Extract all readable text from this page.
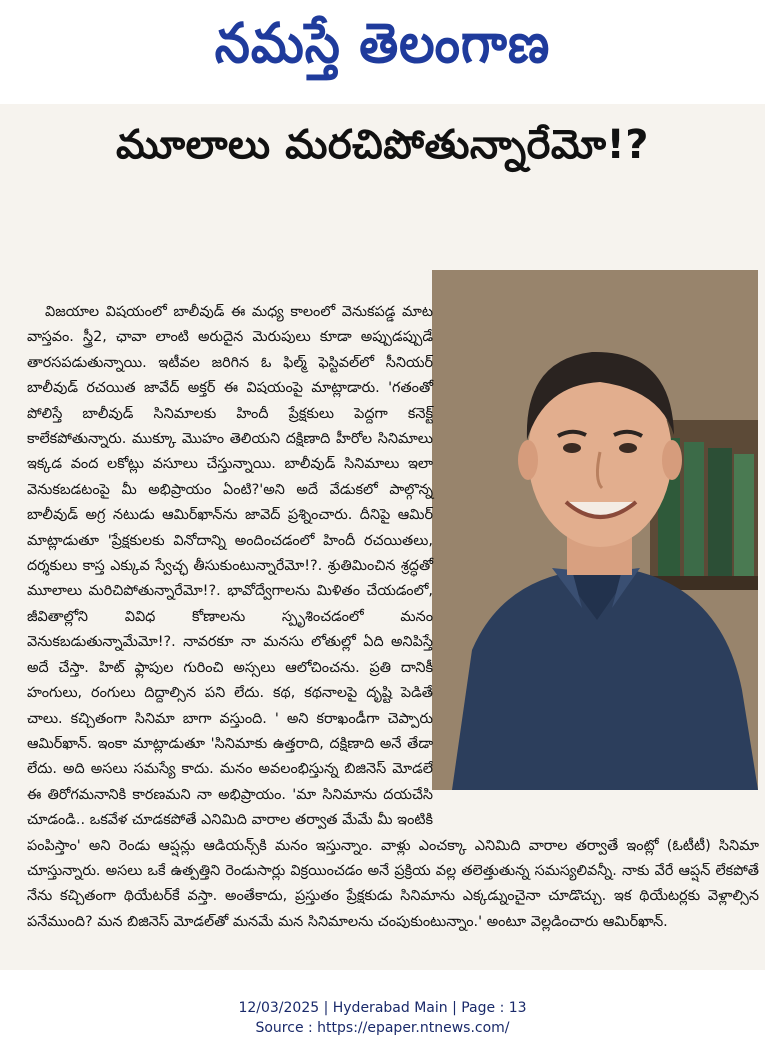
నమస్తే తెలంగాణ
మూలాలు మరచిపోతున్నారేమో!?

విజయాల విషయంలో బాలీవుడ్ ఈ మధ్య కాలంలో వెనుకపడ్డ మాట వాస్తవం. స్త్రీ2, ఛావా లాంటి అరుదైన మెరుపులు కూడా అప్పుడప్పుడే తారసపడుతున్నాయి. ఇటీవల జరిగిన ఓ ఫిల్మ్ ఫెస్టివల్‌లో సీనియర్ బాలీవుడ్ రచయిత జావేద్ అక్తర్ ఈ విషయంపై మాట్లాడారు. 'గతంతో పోలిస్తే బాలీవుడ్ సినిమాలకు హిందీ ప్రేక్షకులు పెద్దగా కనెక్ట్ కాలేకపోతున్నారు. ముక్కూ మొహం తెలియని దక్షిణాది హీరోల సినిమాలు ఇక్కడ వంద లకోట్లు వసూలు చేస్తున్నాయి. బాలీవుడ్ సినిమాలు ఇలా వెనుకబడటంపై మీ అభిప్రాయం ఏంటి?'అని అదే వేడుకలో పాల్గొన్న బాలీవుడ్ అగ్ర నటుడు ఆమిర్‌ఖాన్‌ను జావెద్ ప్రశ్నించారు. దీనిపై ఆమిర్ మాట్లాడుతూ 'ప్రేక్షకులకు వినోదాన్ని అందించడంలో హిందీ రచయితలు, దర్శకులు కాస్త ఎక్కువ స్వేచ్ఛ తీసుకుంటున్నారేమో!?. శ్రుతిమించిన శ్రద్ధతో మూలాలు మరిచిపోతున్నారేమో!?. భావోద్వేగాలను మిళితం చేయడంలో, జీవితాల్లోని వివిధ కోణాలను స్పృశించడంలో మనం వెనుకబడుతున్నామేమో!?. నావరకూ నా మనసు లోతుల్లో ఏది అనిపిస్తే అదే చేస్తా. హిట్ ఫ్లాపుల గురించి అస్సలు ఆలోచించను. ప్రతి దానికీ హంగులు, రంగులు దిద్దాల్సిన పని లేదు. కథ, కథనాలపై దృష్టి పెడితే చాలు. కచ్చితంగా సినిమా బాగా వస్తుంది. ' అని కరాఖండీగా చెప్పారు ఆమిర్‌ఖాన్. ఇంకా మాట్లాడుతూ 'సినిమాకు ఉత్తరాది, దక్షిణాది అనే తేడా లేదు. అది అసలు సమస్యే కాదు. మనం అవలంభిస్తున్న బిజినెస్ మోడలే ఈ తిరోగమనానికి కారణమని నా అభిప్రాయం. 'మా సినిమాను దయచేసి చూడండి.. ఒకవేళ చూడకపోతే ఎనిమిది వారాల తర్వాత మేమే మీ ఇంటికి పంపిస్తాం' అని రెండు ఆప్షన్లు ఆడియన్స్‌కి మనం ఇస్తున్నాం. వాళ్లు ఎంచక్కా ఎనిమిది వారాల తర్వాతే ఇంట్లో (ఓటీటీ) సినిమా చూస్తున్నారు. అసలు ఒకే ఉత్పత్తిని రెండుసార్లు విక్రయించడం అనే ప్రక్రియ వల్ల తలెత్తుతున్న సమస్యలివన్నీ. నాకు వేరే ఆప్షన్ లేకపోతే నేను కచ్చితంగా థియేటర్‌కే వస్తా. అంతేకాదు, ప్రస్తుతం ప్రేక్షకుడు సినిమాను ఎక్కడ్నుంచైనా చూడొచ్చు. ఇక థియేటర్లకు వెళ్లాల్సిన పనేముంది? మన బిజినెస్ మోడల్‌తో మనమే మన సినిమాలను చంపుకుంటున్నాం.' అంటూ వెల్లడించారు ఆమిర్‌ఖాన్.

12/03/2025 | Hyderabad Main | Page : 13
Source : https://epaper.ntnews.com/
